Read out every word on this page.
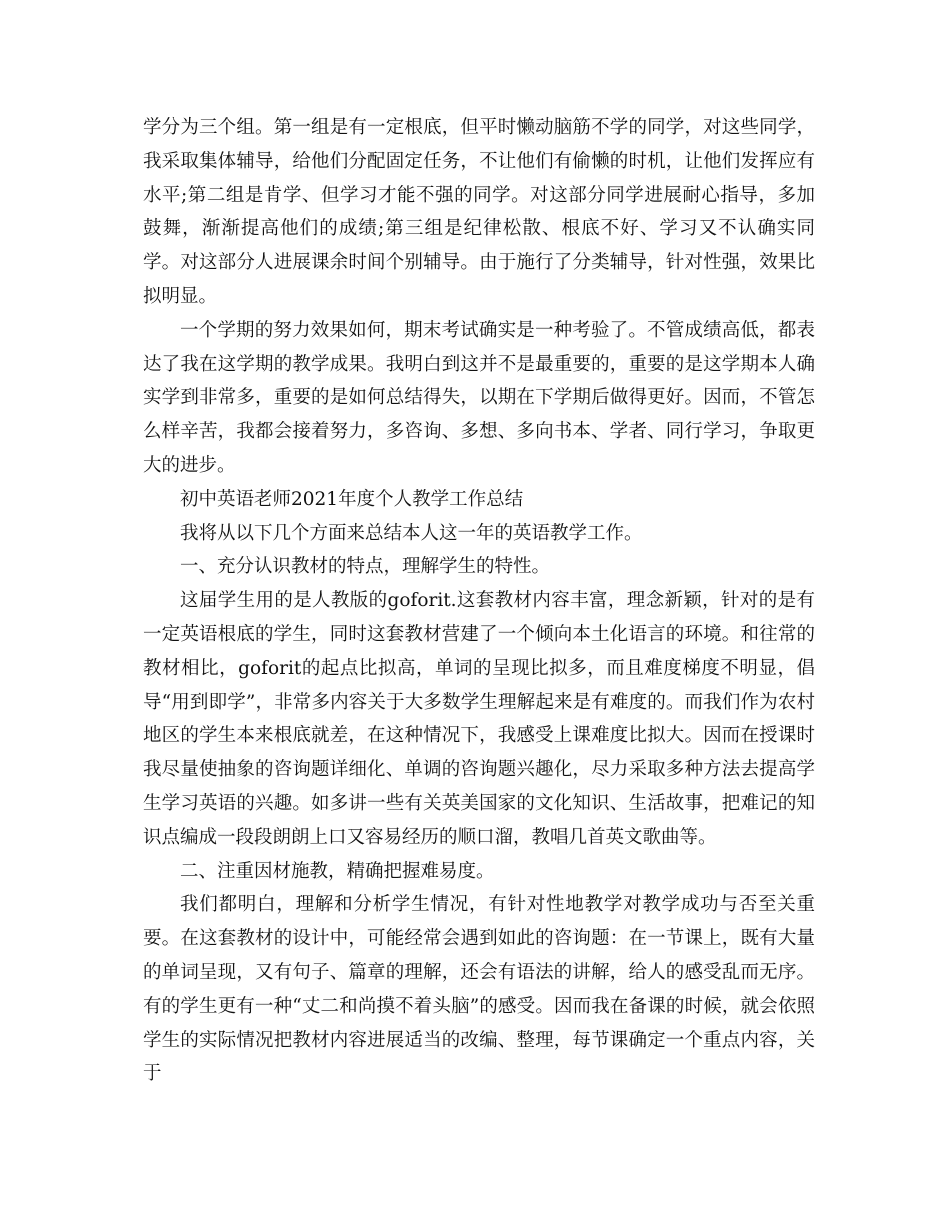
学分为三个组。第一组是有一定根底，但平时懒动脑筋不学的同学，对这些同学，我采取集体辅导，给他们分配固定任务，不让他们有偷懒的时机，让他们发挥应有水平;第二组是肯学、但学习才能不强的同学。对这部分同学进展耐心指导，多加鼓舞，渐渐提高他们的成绩;第三组是纪律松散、根底不好、学习又不认确实同学。对这部分人进展课余时间个别辅导。由于施行了分类辅导，针对性强，效果比拟明显。

一个学期的努力效果如何，期末考试确实是一种考验了。不管成绩高低，都表达了我在这学期的教学成果。我明白到这并不是最重要的，重要的是这学期本人确实学到非常多，重要的是如何总结得失，以期在下学期后做得更好。因而，不管怎么样辛苦，我都会接着努力，多咨询、多想、多向书本、学者、同行学习，争取更大的进步。

初中英语老师2021年度个人教学工作总结

我将从以下几个方面来总结本人这一年的英语教学工作。

一、充分认识教材的特点，理解学生的特性。

这届学生用的是人教版的goforit.这套教材内容丰富，理念新颖，针对的是有一定英语根底的学生，同时这套教材营建了一个倾向本土化语言的环境。和往常的教材相比，goforit的起点比拟高，单词的呈现比拟多，而且难度梯度不明显，倡导“用到即学”，非常多内容关于大多数学生理解起来是有难度的。而我们作为农村地区的学生本来根底就差，在这种情况下，我感受上课难度比拟大。因而在授课时我尽量使抽象的咨询题详细化、单调的咨询题兴趣化，尽力采取多种方法去提高学生学习英语的兴趣。如多讲一些有关英美国家的文化知识、生活故事，把难记的知识点编成一段段朗朗上口又容易经历的顺口溜，教唱几首英文歌曲等。

二、注重因材施教，精确把握难易度。

我们都明白，理解和分析学生情况，有针对性地教学对教学成功与否至关重要。在这套教材的设计中，可能经常会遇到如此的咨询题：在一节课上，既有大量的单词呈现，又有句子、篇章的理解，还会有语法的讲解，给人的感受乱而无序。有的学生更有一种“丈二和尚摸不着头脑”的感受。因而我在备课的时候，就会依照学生的实际情况把教材内容进展适当的改编、整理，每节课确定一个重点内容，关于
